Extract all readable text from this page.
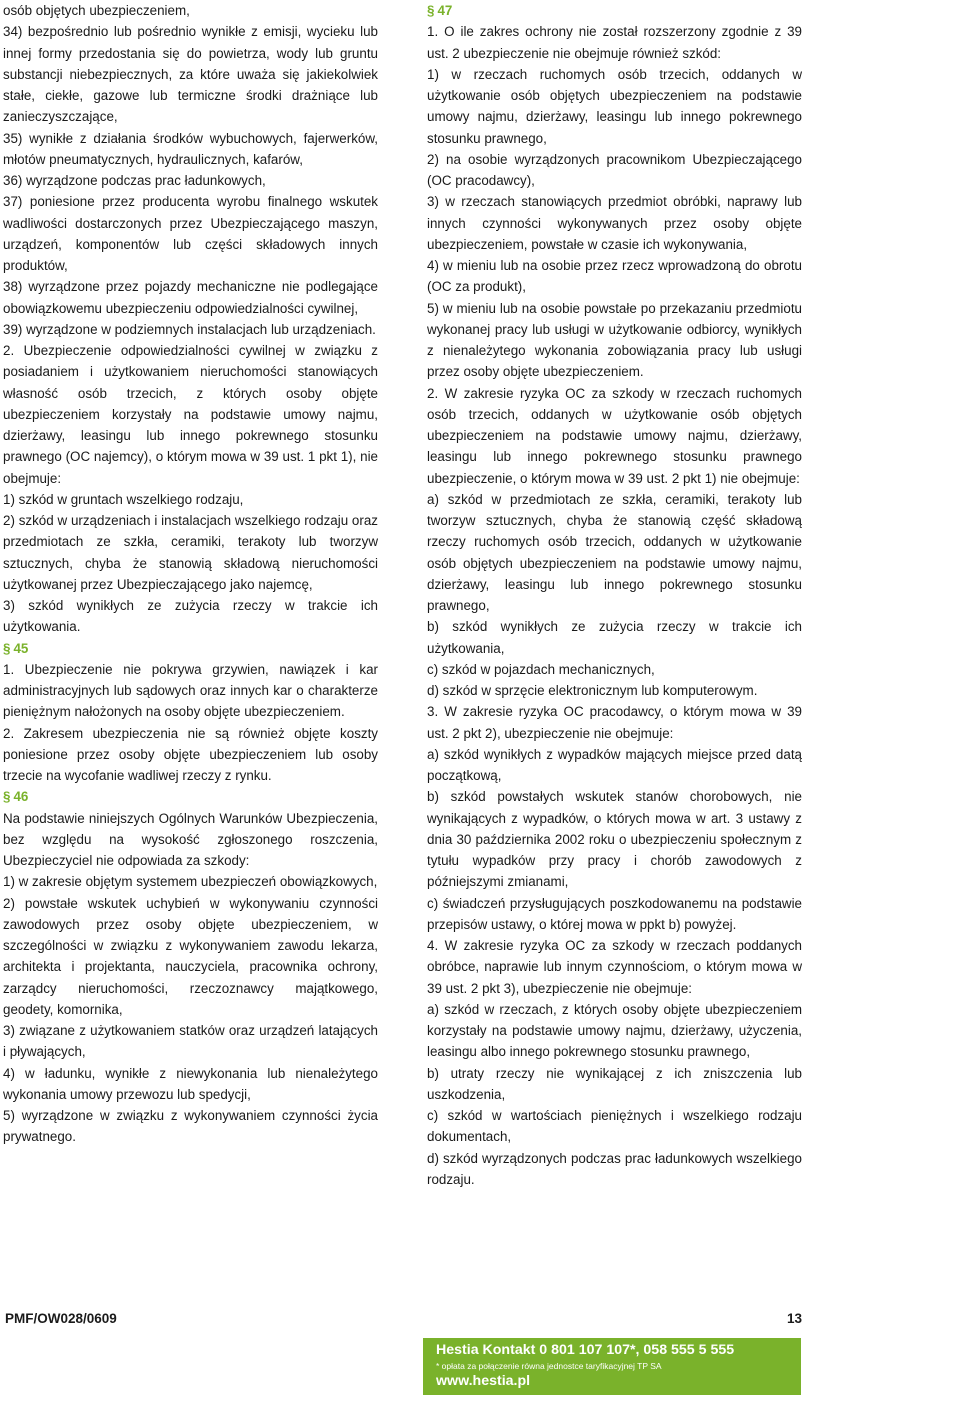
osób objętych ubezpieczeniem,

34) bezpośrednio lub pośrednio wynikłe z emisji, wycieku lub innej formy przedostania się do powietrza, wody lub gruntu substancji niebezpiecznych, za które uważa się jakiekolwiek stałe, ciekłe, gazowe lub termiczne środki drażniące lub zanieczyszczające,

35) wynikłe z działania środków wybuchowych, fajerwerków, młotów pneumatycznych, hydraulicznych, kafarów,

36) wyrządzone podczas prac ładunkowych,

37) poniesione przez producenta wyrobu finalnego wskutek wadliwości dostarczonych przez Ubezpieczającego maszyn, urządzeń, komponentów lub części składowych innych produktów,

38) wyrządzone przez pojazdy mechaniczne nie podlegające obowiązkowemu ubezpieczeniu odpowiedzialności cywilnej,

39) wyrządzone w podziemnych instalacjach lub urządzeniach.

2. Ubezpieczenie odpowiedzialności cywilnej w związku z posiadaniem i użytkowaniem nieruchomości stanowiących własność osób trzecich, z których osoby objęte ubezpieczeniem korzystały na podstawie umowy najmu, dzierżawy, leasingu lub innego pokrewnego stosunku prawnego (OC najemcy), o którym mowa w 39 ust. 1 pkt 1), nie obejmuje:

1) szkód w gruntach wszelkiego rodzaju,

2) szkód w urządzeniach i instalacjach wszelkiego rodzaju oraz przedmiotach ze szkła, ceramiki, terakoty lub tworzyw sztucznych, chyba że stanowią składową nieruchomości użytkowanej przez Ubezpieczającego jako najemcę,

3) szkód wynikłych ze zużycia rzeczy w trakcie ich użytkowania.

§ 45

1. Ubezpieczenie nie pokrywa grzywien, nawiązek i kar administracyjnych lub sądowych oraz innych kar o charakterze pieniężnym nałożonych na osoby objęte ubezpieczeniem.

2. Zakresem ubezpieczenia nie są również objęte koszty poniesione przez osoby objęte ubezpieczeniem lub osoby trzecie na wycofanie wadliwej rzeczy z rynku.

§ 46

Na podstawie niniejszych Ogólnych Warunków Ubezpieczenia, bez względu na wysokość zgłoszonego roszczenia, Ubezpieczyciel nie odpowiada za szkody:

1) w zakresie objętym systemem ubezpieczeń obowiązkowych,

2) powstałe wskutek uchybień w wykonywaniu czynności zawodowych przez osoby objęte ubezpieczeniem, w szczególności w związku z wykonywaniem zawodu lekarza, architekta i projektanta, nauczyciela, pracownika ochrony, zarządcy nieruchomości, rzeczoznawcy majątkowego, geodety, komornika,

3) związane z użytkowaniem statków oraz urządzeń latających i pływających,

4) w ładunku, wynikłe z niewykonania lub nienależytego wykonania umowy przewozu lub spedycji,

5) wyrządzone w związku z wykonywaniem czynności życia prywatnego.

§ 47

1. O ile zakres ochrony nie został rozszerzony zgodnie z 39 ust. 2 ubezpieczenie nie obejmuje również szkód:

1) w rzeczach ruchomych osób trzecich, oddanych w użytkowanie osób objętych ubezpieczeniem na podstawie umowy najmu, dzierżawy, leasingu lub innego pokrewnego stosunku prawnego,

2) na osobie wyrządzonych pracownikom Ubezpieczającego (OC pracodawcy),

3) w rzeczach stanowiących przedmiot obróbki, naprawy lub innych czynności wykonywanych przez osoby objęte ubezpieczeniem, powstałe w czasie ich wykonywania,

4) w mieniu lub na osobie przez rzecz wprowadzoną do obrotu (OC za produkt),

5) w mieniu lub na osobie powstałe po przekazaniu przedmiotu wykonanej pracy lub usługi w użytkowanie odbiorcy, wynikłych z nienależytego wykonania zobowiązania pracy lub usługi przez osoby objęte ubezpieczeniem.

2. W zakresie ryzyka OC za szkody w rzeczach ruchomych osób trzecich, oddanych w użytkowanie osób objętych ubezpieczeniem na podstawie umowy najmu, dzierżawy, leasingu lub innego pokrewnego stosunku prawnego ubezpieczenie, o którym mowa w 39 ust. 2 pkt 1) nie obejmuje:

a) szkód w przedmiotach ze szkła, ceramiki, terakoty lub tworzyw sztucznych, chyba że stanowią część składową rzeczy ruchomych osób trzecich, oddanych w użytkowanie osób objętych ubezpieczeniem na podstawie umowy najmu, dzierżawy, leasingu lub innego pokrewnego stosunku prawnego,

b) szkód wynikłych ze zużycia rzeczy w trakcie ich użytkowania,

c) szkód w pojazdach mechanicznych,

d) szkód w sprzęcie elektronicznym lub komputerowym.

3. W zakresie ryzyka OC pracodawcy, o którym mowa w 39 ust. 2 pkt 2), ubezpieczenie nie obejmuje:

a) szkód wynikłych z wypadków mających miejsce przed datą początkową,

b) szkód powstałych wskutek stanów chorobowych, nie wynikających z wypadków, o których mowa w art. 3 ustawy z dnia 30 października 2002 roku o ubezpieczeniu społecznym z tytułu wypadków przy pracy i chorób zawodowych z późniejszymi zmianami,

c) świadczeń przysługujących poszkodowanemu na podstawie przepisów ustawy, o której mowa w ppkt b) powyżej.

4. W zakresie ryzyka OC za szkody w rzeczach poddanych obróbce, naprawie lub innym czynnościom, o którym mowa w 39 ust. 2 pkt 3), ubezpieczenie nie obejmuje:

a) szkód w rzeczach, z których osoby objęte ubezpieczeniem korzystały na podstawie umowy najmu, dzierżawy, użyczenia, leasingu albo innego pokrewnego stosunku prawnego,

b) utraty rzeczy nie wynikającej z ich zniszczenia lub uszkodzenia,

c) szkód w wartościach pieniężnych i wszelkiego rodzaju dokumentach,

d) szkód wyrządzonych podczas prac ładunkowych wszelkiego rodzaju.

PMF/OW028/0609	13
Hestia Kontakt 0 801 107 107*, 058 555 5 555
* opłata za połączenie równa jednostce taryfikacyjnej TP SA
www.hestia.pl
